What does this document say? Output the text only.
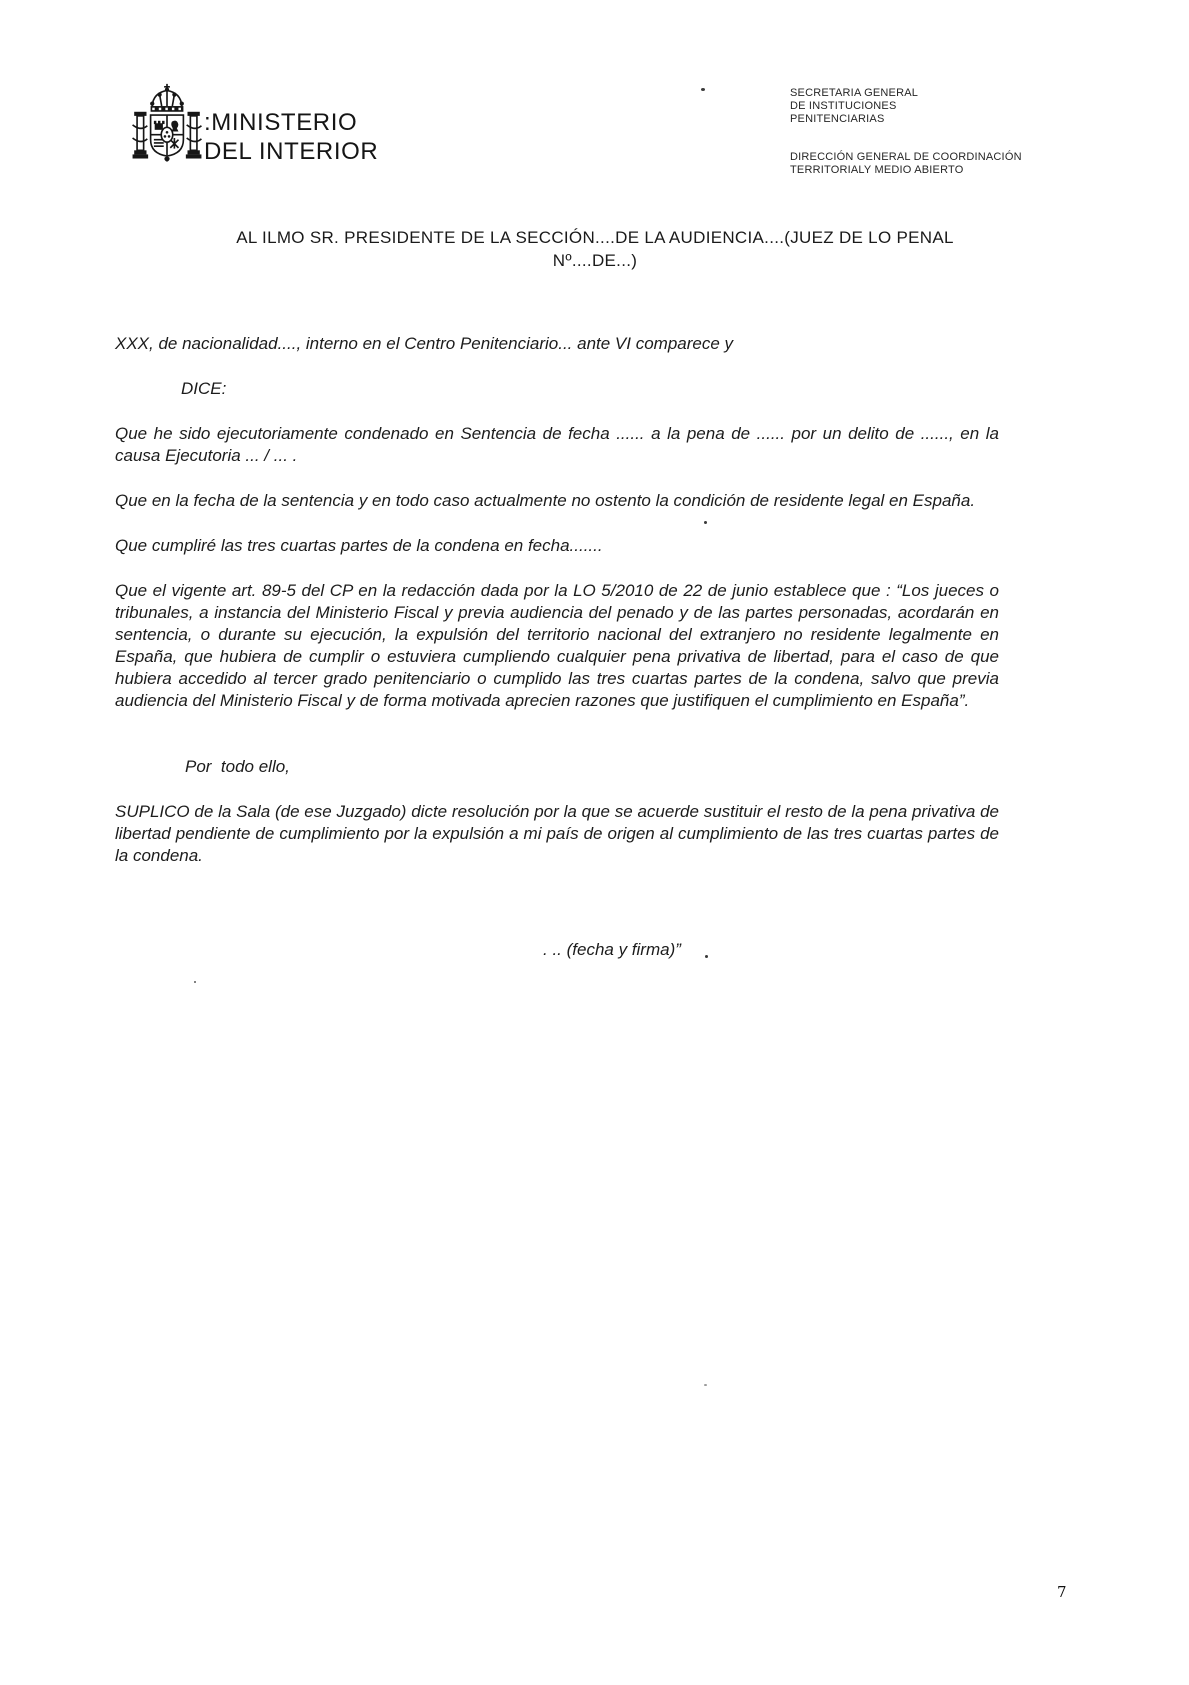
:MINISTERIO
DEL INTERIOR
SECRETARIA GENERAL
DE INSTITUCIONES
PENITENCIARIAS
DIRECCIÓN GENERAL DE COORDINACIÓN
TERRITORIALY MEDIO ABIERTO
AL ILMO SR. PRESIDENTE DE LA SECCIÓN....DE LA AUDIENCIA....(JUEZ DE LO PENAL
Nº....DE...)

XXX, de nacionalidad...., interno en el Centro Penitenciario... ante VI comparece y

DICE:

Que he sido ejecutoriamente condenado en Sentencia de fecha ...... a la pena de ...... por un delito de ......, en la causa Ejecutoria ... / ... .

Que en la fecha de la sentencia y en todo caso actualmente no ostento la condición de residente legal en España.

Que cumpliré las tres cuartas partes de la condena en fecha.......

Que el vigente art. 89-5 del CP en la redacción dada por la LO 5/2010 de 22 de junio establece que : “Los jueces o tribunales, a instancia del Ministerio Fiscal y previa audiencia del penado y de las partes personadas, acordarán en sentencia, o durante su ejecución, la expulsión del territorio nacional del extranjero no residente legalmente en España, que hubiera de cumplir o estuviera cumpliendo cualquier pena privativa de libertad, para el caso de que hubiera accedido al tercer grado penitenciario o cumplido las tres cuartas partes de la condena, salvo que previa audiencia del Ministerio Fiscal y de forma motivada aprecien razones que justifiquen el cumplimiento en España”.

Por  todo ello,

SUPLICO de la Sala (de ese Juzgado) dicte resolución por la que se acuerde sustituir el resto de la pena privativa de libertad pendiente de cumplimiento por la expulsión a mi país de origen al cumplimiento de las tres cuartas partes de la condena.

. .. (fecha y firma)”

7
